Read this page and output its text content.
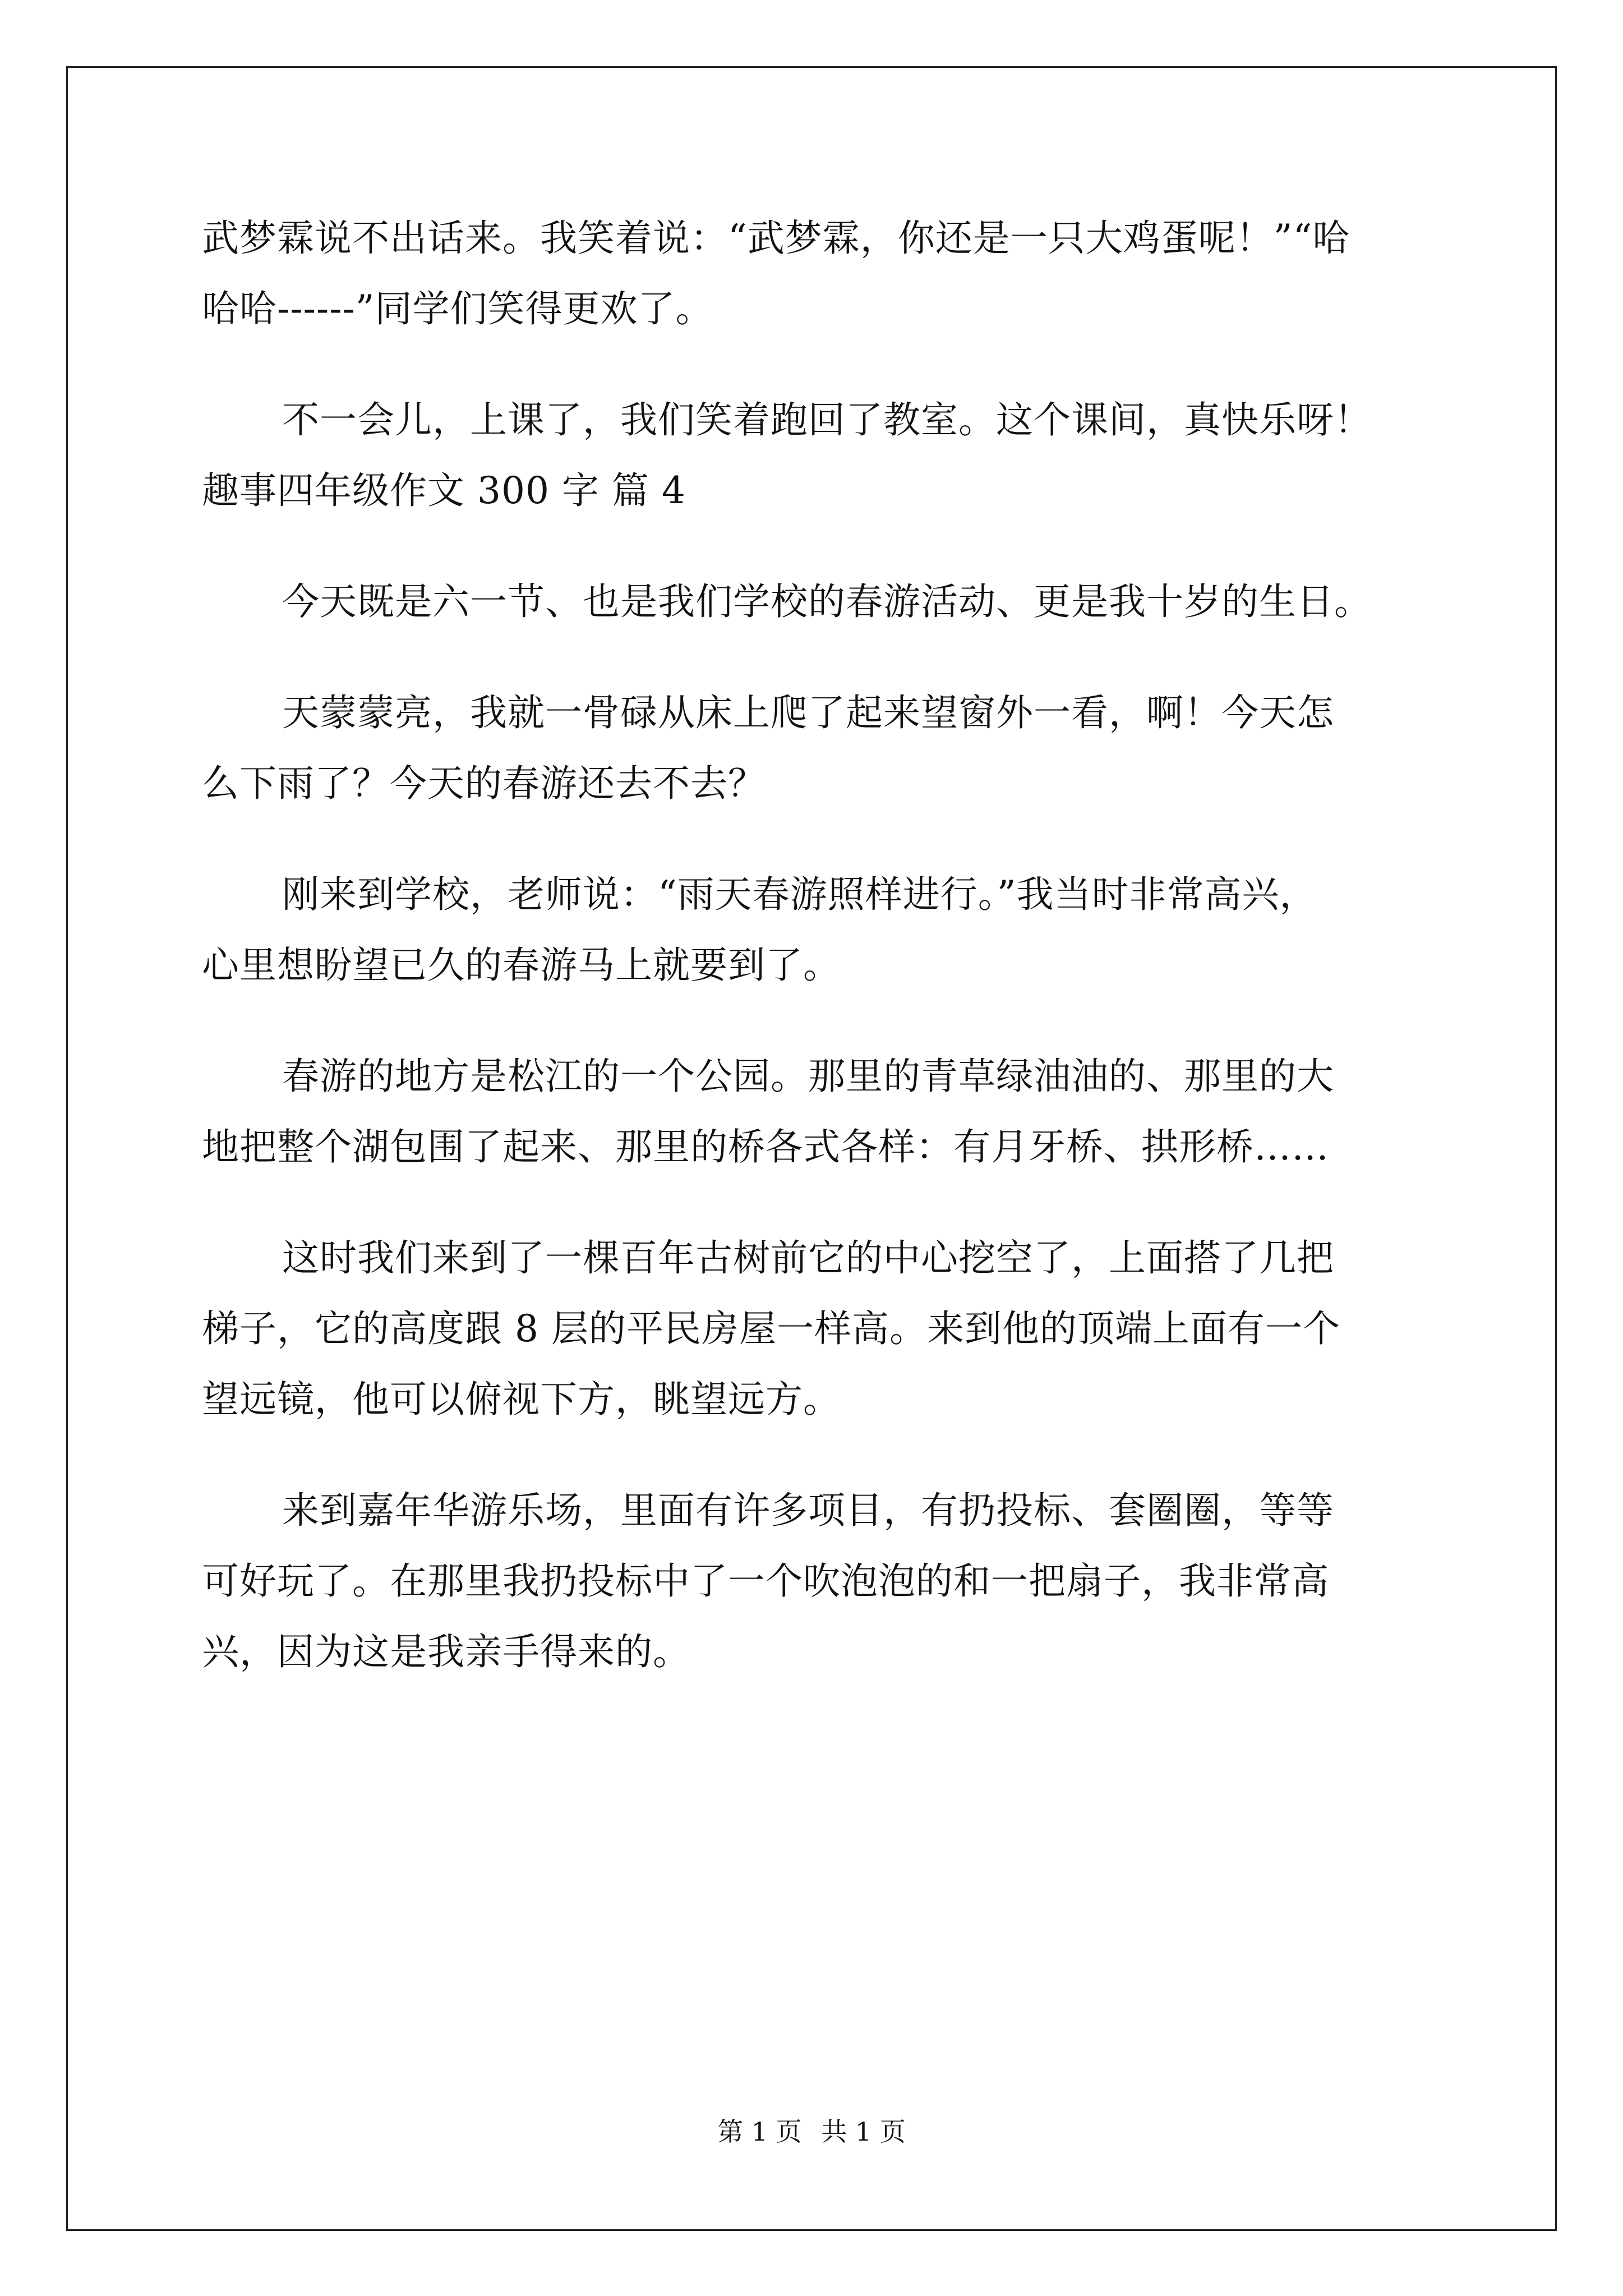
武梦霖说不出话来。我笑着说：“武梦霖，你还是一只大鸡蛋呢！”“哈
哈哈------”同学们笑得更欢了。
不一会儿，上课了，我们笑着跑回了教室。这个课间，真快乐呀！
趣事四年级作文 300 字 篇 4
今天既是六一节、也是我们学校的春游活动、更是我十岁的生日。
天蒙蒙亮，我就一骨碌从床上爬了起来望窗外一看，啊！今天怎
么下雨了？今天的春游还去不去？
刚来到学校，老师说：“雨天春游照样进行。”我当时非常高兴，
心里想盼望已久的春游马上就要到了。
春游的地方是松江的一个公园。那里的青草绿油油的、那里的大
地把整个湖包围了起来、那里的桥各式各样：有月牙桥、拱形桥……
这时我们来到了一棵百年古树前它的中心挖空了，上面搭了几把
梯子，它的高度跟 8 层的平民房屋一样高。来到他的顶端上面有一个
望远镜，他可以俯视下方，眺望远方。
来到嘉年华游乐场，里面有许多项目，有扔投标、套圈圈，等等
可好玩了。在那里我扔投标中了一个吹泡泡的和一把扇子，我非常高
兴，因为这是我亲手得来的。
第 1 页 共 1 页
